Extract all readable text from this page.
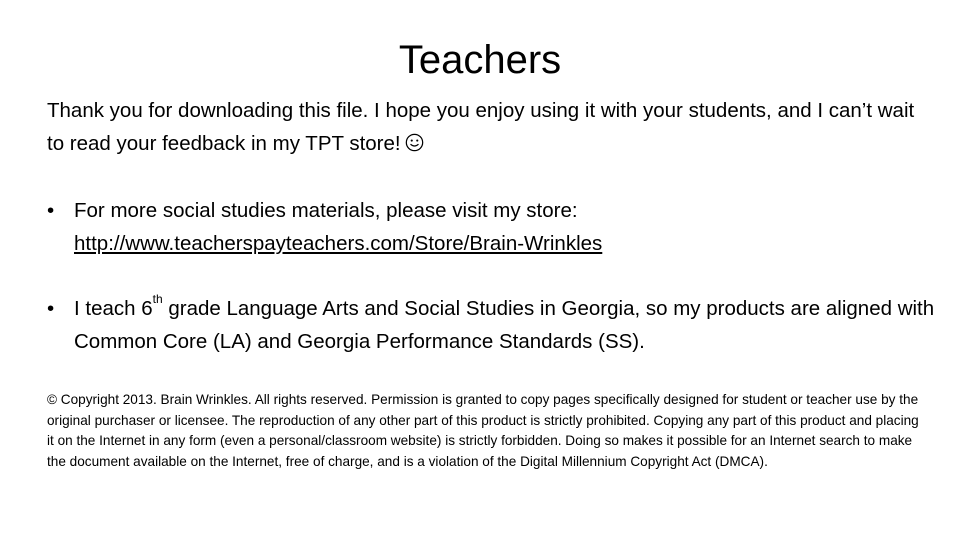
Teachers
Thank you for downloading this file. I hope you enjoy using it with your students, and I can’t wait to read your feedback in my TPT store!
• For more social studies materials, please visit my store:
http://www.teacherspayteachers.com/Store/Brain-Wrinkles
• I teach 6th grade Language Arts and Social Studies in Georgia, so my products are aligned with Common Core (LA) and Georgia Performance Standards (SS).
© Copyright 2013. Brain Wrinkles. All rights reserved. Permission is granted to copy pages specifically designed for student or teacher use by the original purchaser or licensee. The reproduction of any other part of this product is strictly prohibited. Copying any part of this product and placing it on the Internet in any form (even a personal/classroom website) is strictly forbidden. Doing so makes it possible for an Internet search to make the document available on the Internet, free of charge, and is a violation of the Digital Millennium Copyright Act (DMCA).
